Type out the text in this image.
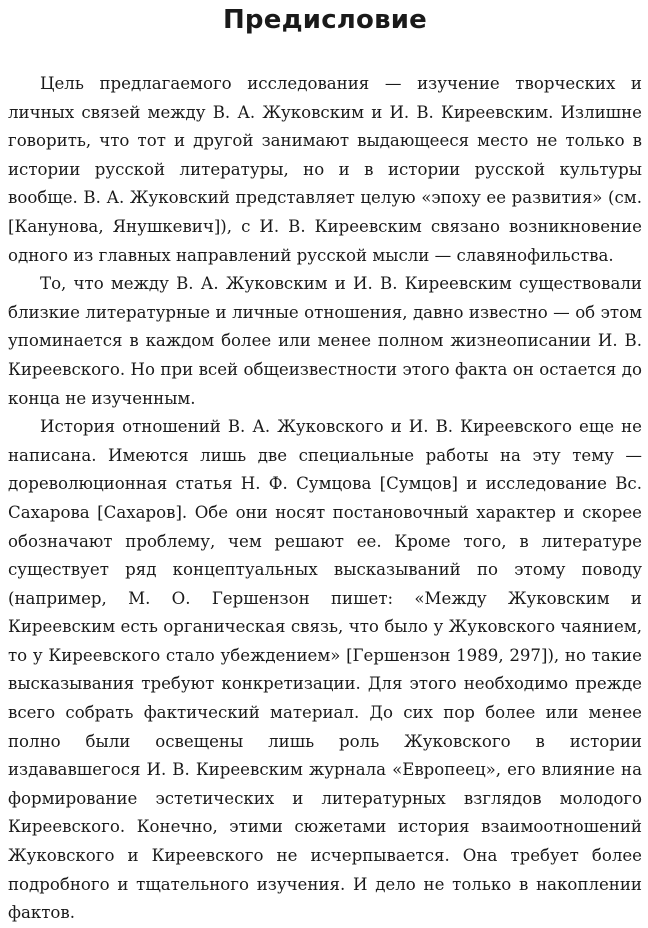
Предисловие

Цель предлагаемого исследования — изучение творческих и личных связей между В. А. Жуковским и И. В. Киреевским. Излишне говорить, что тот и другой занимают выдающееся место не только в истории русской литературы, но и в истории русской культуры вообще. В. А. Жуковский представляет целую «эпоху ее развития» (см. [Канунова, Янушкевич]), с И. В. Киреевским связано возникновение одного из главных направлений русской мысли — славянофильства.

То, что между В. А. Жуковским и И. В. Киреевским существовали близкие литературные и личные отношения, давно известно — об этом упоминается в каждом более или менее полном жизнеописании И. В. Киреевского. Но при всей общеизвестности этого факта он остается до конца не изученным.

История отношений В. А. Жуковского и И. В. Киреевского еще не написана. Имеются лишь две специальные работы на эту тему — дореволюционная статья Н. Ф. Сумцова [Сумцов] и исследование Вс. Сахарова [Сахаров]. Обе они носят постановочный характер и скорее обозначают проблему, чем решают ее. Кроме того, в литературе существует ряд концептуальных высказываний по этому поводу (например, М. О. Гершензон пишет: «Между Жуковским и Киреевским есть органическая связь, что было у Жуковского чаянием, то у Киреевского стало убеждением» [Гершензон 1989, 297]), но такие высказывания требуют конкретизации. Для этого необходимо прежде всего собрать фактический материал. До сих пор более или менее полно были освещены лишь роль Жуковского в истории издававшегося И. В. Киреевским журнала «Европеец», его влияние на формирование эстетических и литературных взглядов молодого Киреевского. Конечно, этими сюжетами история взаимоотношений Жуковского и Киреевского не исчерпывается. Она требует более подробного и тщательного изучения. И дело не только в накоплении фактов.
